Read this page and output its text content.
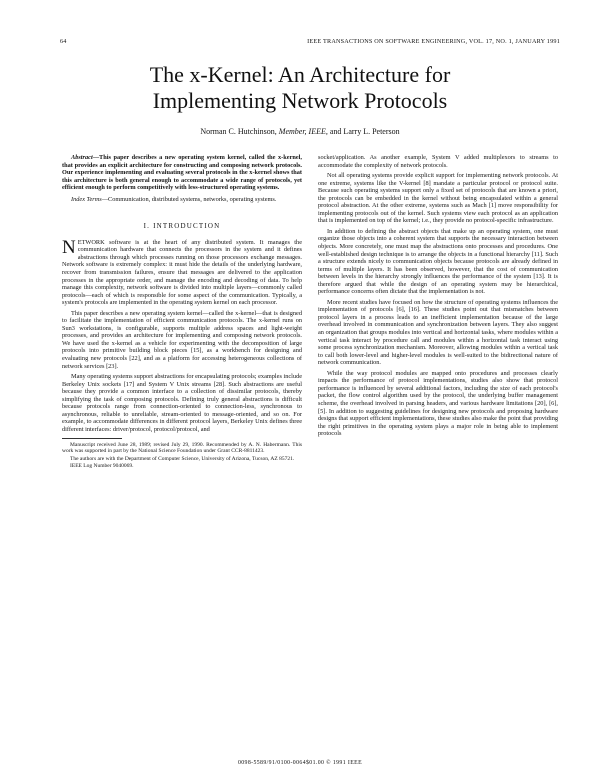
64	IEEE TRANSACTIONS ON SOFTWARE ENGINEERING, VOL. 17, NO. 1, JANUARY 1991
The x-Kernel: An Architecture for
Implementing Network Protocols
Norman C. Hutchinson, Member, IEEE, and Larry L. Peterson

Abstract—This paper describes a new operating system kernel, called the x-kernel, that provides an explicit architecture for constructing and composing network protocols. Our experience implementing and evaluating several protocols in the x-kernel shows that this architecture is both general enough to accommodate a wide range of protocols, yet efficient enough to perform competitively with less-structured operating systems.

Index Terms—Communication, distributed systems, networks, operating systems.

I. INTRODUCTION

NETWORK software is at the heart of any distributed system. It manages the communication hardware that connects the processors in the system and it defines abstractions through which processes running on those processors exchange messages. Network software is extremely complex: it must hide the details of the underlying hardware, recover from transmission failures, ensure that messages are delivered to the application processes in the appropriate order, and manage the encoding and decoding of data. To help manage this complexity, network software is divided into multiple layers—commonly called protocols—each of which is responsible for some aspect of the communication. Typically, a system's protocols are implemented in the operating system kernel on each processor.

This paper describes a new operating system kernel—called the x-kernel—that is designed to facilitate the implementation of efficient communication protocols. The x-kernel runs on Sun3 workstations, is configurable, supports multiple address spaces and light-weight processes, and provides an architecture for implementing and composing network protocols. We have used the x-kernel as a vehicle for experimenting with the decomposition of large protocols into primitive building block pieces [15], as a workbench for designing and evaluating new protocols [22], and as a platform for accessing heterogeneous collections of network services [23].

Many operating systems support abstractions for encapsulating protocols; examples include Berkeley Unix sockets [17] and System V Unix streams [28]. Such abstractions are useful because they provide a common interface to a collection of dissimilar protocols, thereby simplifying the task of composing protocols. Defining truly general abstractions is difficult because protocols range from connection-oriented to connection-less, synchronous to asynchronous, reliable to unreliable, stream-oriented to message-oriented, and so on. For example, to accommodate differences in different protocol layers, Berkeley Unix defines three different interfaces: driver/protocol, protocol/protocol, and

Manuscript received June 28, 1989; revised July 29, 1990. Recommended by A. N. Habermann. This work was supported in part by the National Science Foundation under Grant CCR-8811423.

The authors are with the Department of Computer Science, University of Arizona, Tucson, AZ 85721.

IEEE Log Number 9040069.

socket/application. As another example, System V added multiplexors to streams to accommodate the complexity of network protocols.

Not all operating systems provide explicit support for implementing network protocols. At one extreme, systems like the V-kernel [8] mandate a particular protocol or protocol suite. Because such operating systems support only a fixed set of protocols that are known a priori, the protocols can be embedded in the kernel without being encapsulated within a general protocol abstraction. At the other extreme, systems such as Mach [1] move responsibility for implementing protocols out of the kernel. Such systems view each protocol as an application that is implemented on top of the kernel; i.e., they provide no protocol-specific infrastructure.

In addition to defining the abstract objects that make up an operating system, one must organize those objects into a coherent system that supports the necessary interaction between objects. More concretely, one must map the abstractions onto processes and procedures. One well-established design technique is to arrange the objects in a functional hierarchy [11]. Such a structure extends nicely to communication objects because protocols are already defined in terms of multiple layers. It has been observed, however, that the cost of communication between levels in the hierarchy strongly influences the performance of the system [13]. It is therefore argued that while the design of an operating system may be hierarchical, performance concerns often dictate that the implementation is not.

More recent studies have focused on how the structure of operating systems influences the implementation of protocols [6], [16]. These studies point out that mismatches between protocol layers in a process leads to an inefficient implementation because of the large overhead involved in communication and synchronization between layers. They also suggest an organization that groups modules into vertical and horizontal tasks, where modules within a vertical task interact by procedure call and modules within a horizontal task interact using some process synchronization mechanism. Moreover, allowing modules within a vertical task to call both lower-level and higher-level modules is well-suited to the bidirectional nature of network communication.

While the way protocol modules are mapped onto procedures and processes clearly impacts the performance of protocol implementations, studies also show that protocol performance is influenced by several additional factors, including the size of each protocol's packet, the flow control algorithm used by the protocol, the underlying buffer management scheme, the overhead involved in parsing headers, and various hardware limitations [20], [6], [5]. In addition to suggesting guidelines for designing new protocols and proposing hardware designs that support efficient implementations, these studies also make the point that providing the right primitives in the operating system plays a major role in being able to implement protocols

0098-5589/91/0100-0064$01.00 © 1991 IEEE
